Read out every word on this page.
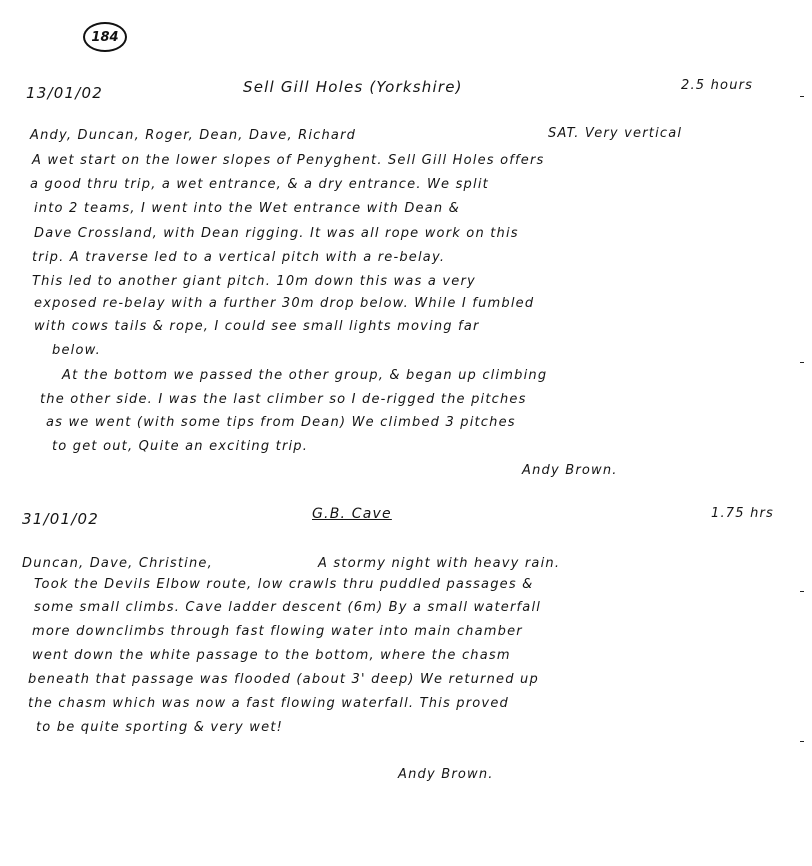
184
13/01/02	Sell Gill Holes (Yorkshire)	2.5 hours
Andy, Duncan, Roger, Dean, Dave, Richard	SAT. Very vertical
A wet start on the lower slopes of Penyghent. Sell Gill Holes offers
a good thru trip, a wet entrance, & a dry entrance. We split
into 2 teams, I went into the Wet entrance with Dean &
Dave Crossland, with Dean rigging. It was all rope work on this
trip. A traverse led to a vertical pitch with a re-belay.
This led to another giant pitch. 10m down this was a very
exposed re-belay with a further 30m drop below. While I fumbled
with cows tails & rope, I could see small lights moving far
below.
At the bottom we passed the other group, & began up climbing
the other side. I was the last climber so I de-rigged the pitches
as we went (with some tips from Dean) We climbed 3 pitches
to get out, Quite an exciting trip.
Andy Brown.
31/01/02	G.B. Cave	1.75 hrs
Duncan, Dave, Christine,	A stormy night with heavy rain.
Took the Devils Elbow route, low crawls thru puddled passages &
some small climbs. Cave ladder descent (6m) By a small waterfall
more downclimbs through fast flowing water into main chamber
went down the white passage to the bottom, where the chasm
beneath that passage was flooded (about 3' deep) We returned up
the chasm which was now a fast flowing waterfall. This proved
to be quite sporting & very wet!
Andy Brown.
